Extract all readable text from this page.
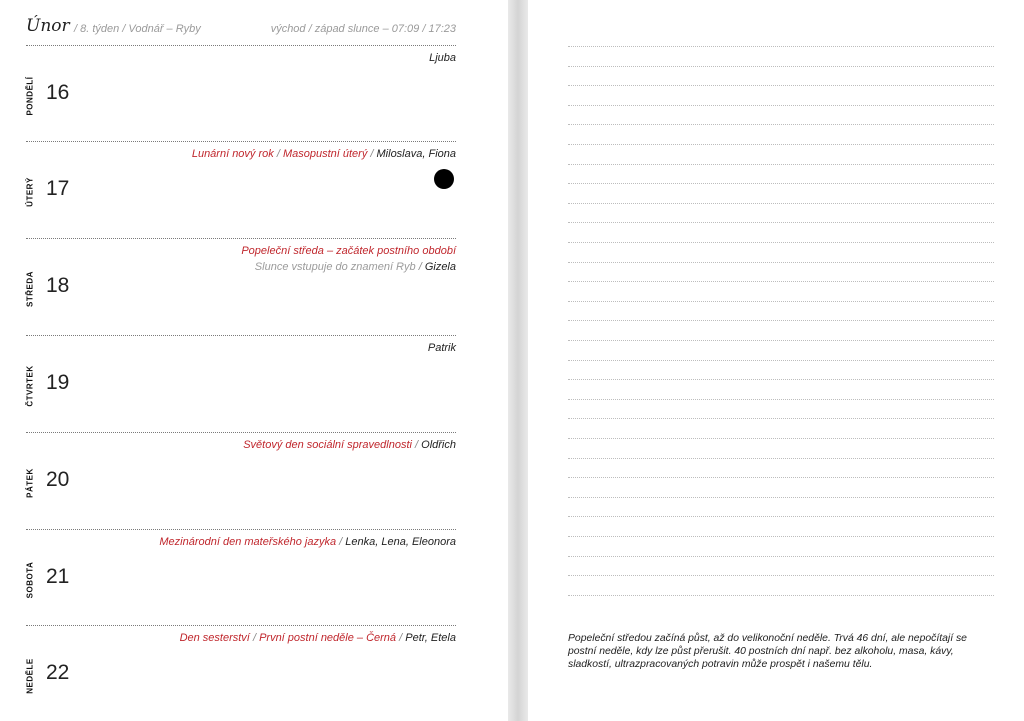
Únor / 8. týden / Vodnář – Ryby	východ / západ slunce – 07:09 / 17:23
PONDĚLÍ 16
Ljuba
ÚTERÝ 17
Lunární nový rok / Masopustní úterý / Miloslava, Fiona
STŘEDA 18
Popeleční středa – začátek postního období
Slunce vstupuje do znamení Ryb / Gizela
ČTVRTEK 19
Patrik
PÁTEK 20
Světový den sociální spravedlnosti / Oldřich
SOBOTA 21
Mezinárodní den mateřského jazyka / Lenka, Lena, Eleonora
NEDĚLE 22
Den sesterství / První postní neděle – Černá / Petr, Etela	Popeleční středou začíná půst, až do velikonoční neděle. Trvá 46 dní, ale nepočítají se postní neděle, kdy lze půst přerušit. 40 postních dní např. bez alkoholu, masa, kávy, sladkostí, ultrazpracovaných potravin může prospět i našemu tělu.
